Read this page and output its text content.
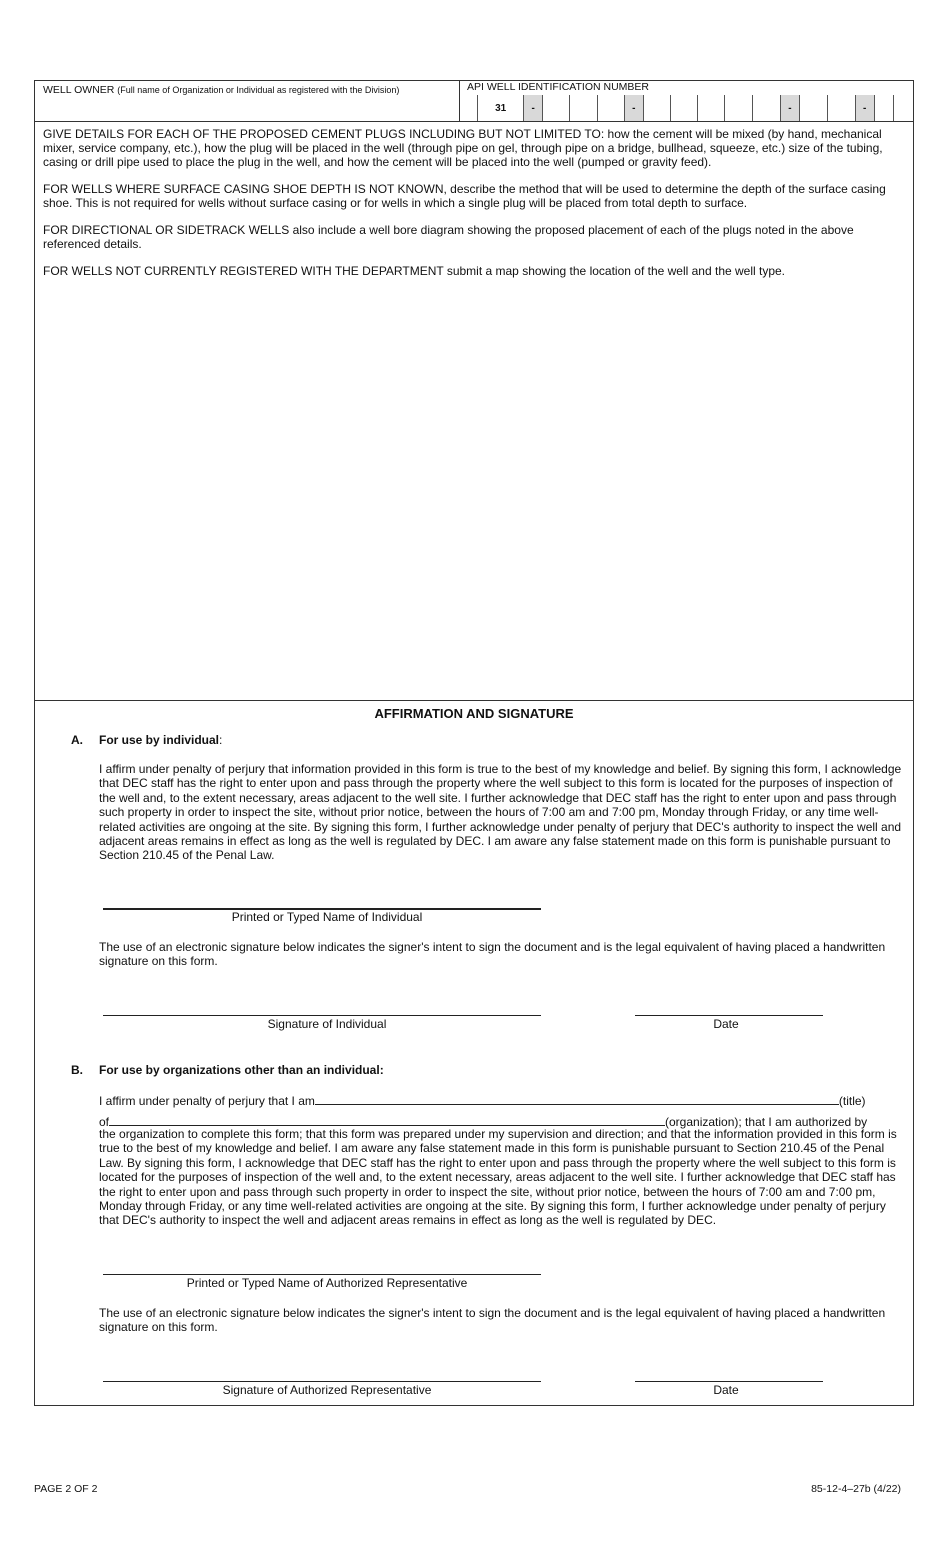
WELL OWNER (Full name of Organization or Individual as registered with the Division)	API WELL IDENTIFICATION NUMBER
31	-	-	-	-

GIVE DETAILS FOR EACH OF THE PROPOSED CEMENT PLUGS INCLUDING BUT NOT LIMITED TO: how the cement will be mixed (by hand, mechanical mixer, service company, etc.), how the plug will be placed in the well (through pipe on gel, through pipe on a bridge, bullhead, squeeze, etc.) size of the tubing, casing or drill pipe used to place the plug in the well, and how the cement will be placed into the well (pumped or gravity feed).

FOR WELLS WHERE SURFACE CASING SHOE DEPTH IS NOT KNOWN, describe the method that will be used to determine the depth of the surface casing shoe. This is not required for wells without surface casing or for wells in which a single plug will be placed from total depth to surface.

FOR DIRECTIONAL OR SIDETRACK WELLS also include a well bore diagram showing the proposed placement of each of the plugs noted in the above referenced details.

FOR WELLS NOT CURRENTLY REGISTERED WITH THE DEPARTMENT submit a map showing the location of the well and the well type.

AFFIRMATION AND SIGNATURE
A. For use by individual:
I affirm under penalty of perjury that information provided in this form is true to the best of my knowledge and belief. By signing this form, I acknowledge that DEC staff has the right to enter upon and pass through the property where the well subject to this form is located for the purposes of inspection of the well and, to the extent necessary, areas adjacent to the well site. I further acknowledge that DEC staff has the right to enter upon and pass through such property in order to inspect the site, without prior notice, between the hours of 7:00 am and 7:00 pm, Monday through Friday, or any time well-related activities are ongoing at the site. By signing this form, I further acknowledge under penalty of perjury that DEC's authority to inspect the well and adjacent areas remains in effect as long as the well is regulated by DEC. I am aware any false statement made on this form is punishable pursuant to Section 210.45 of the Penal Law.
Printed or Typed Name of Individual
The use of an electronic signature below indicates the signer's intent to sign the document and is the legal equivalent of having placed a handwritten signature on this form.
Signature of Individual	Date
B. For use by organizations other than an individual:
I affirm under penalty of perjury that I am	(title)
of	(organization); that I am authorized by
the organization to complete this form; that this form was prepared under my supervision and direction; and that the information provided in this form is true to the best of my knowledge and belief. I am aware any false statement made in this form is punishable pursuant to Section 210.45 of the Penal Law. By signing this form, I acknowledge that DEC staff has the right to enter upon and pass through the property where the well subject to this form is located for the purposes of inspection of the well and, to the extent necessary, areas adjacent to the well site. I further acknowledge that DEC staff has the right to enter upon and pass through such property in order to inspect the site, without prior notice, between the hours of 7:00 am and 7:00 pm, Monday through Friday, or any time well-related activities are ongoing at the site. By signing this form, I further acknowledge under penalty of perjury that DEC's authority to inspect the well and adjacent areas remains in effect as long as the well is regulated by DEC.
Printed or Typed Name of Authorized Representative
The use of an electronic signature below indicates the signer's intent to sign the document and is the legal equivalent of having placed a handwritten signature on this form.
Signature of Authorized Representative	Date
PAGE 2 OF 2	85-12-4–27b (4/22)
